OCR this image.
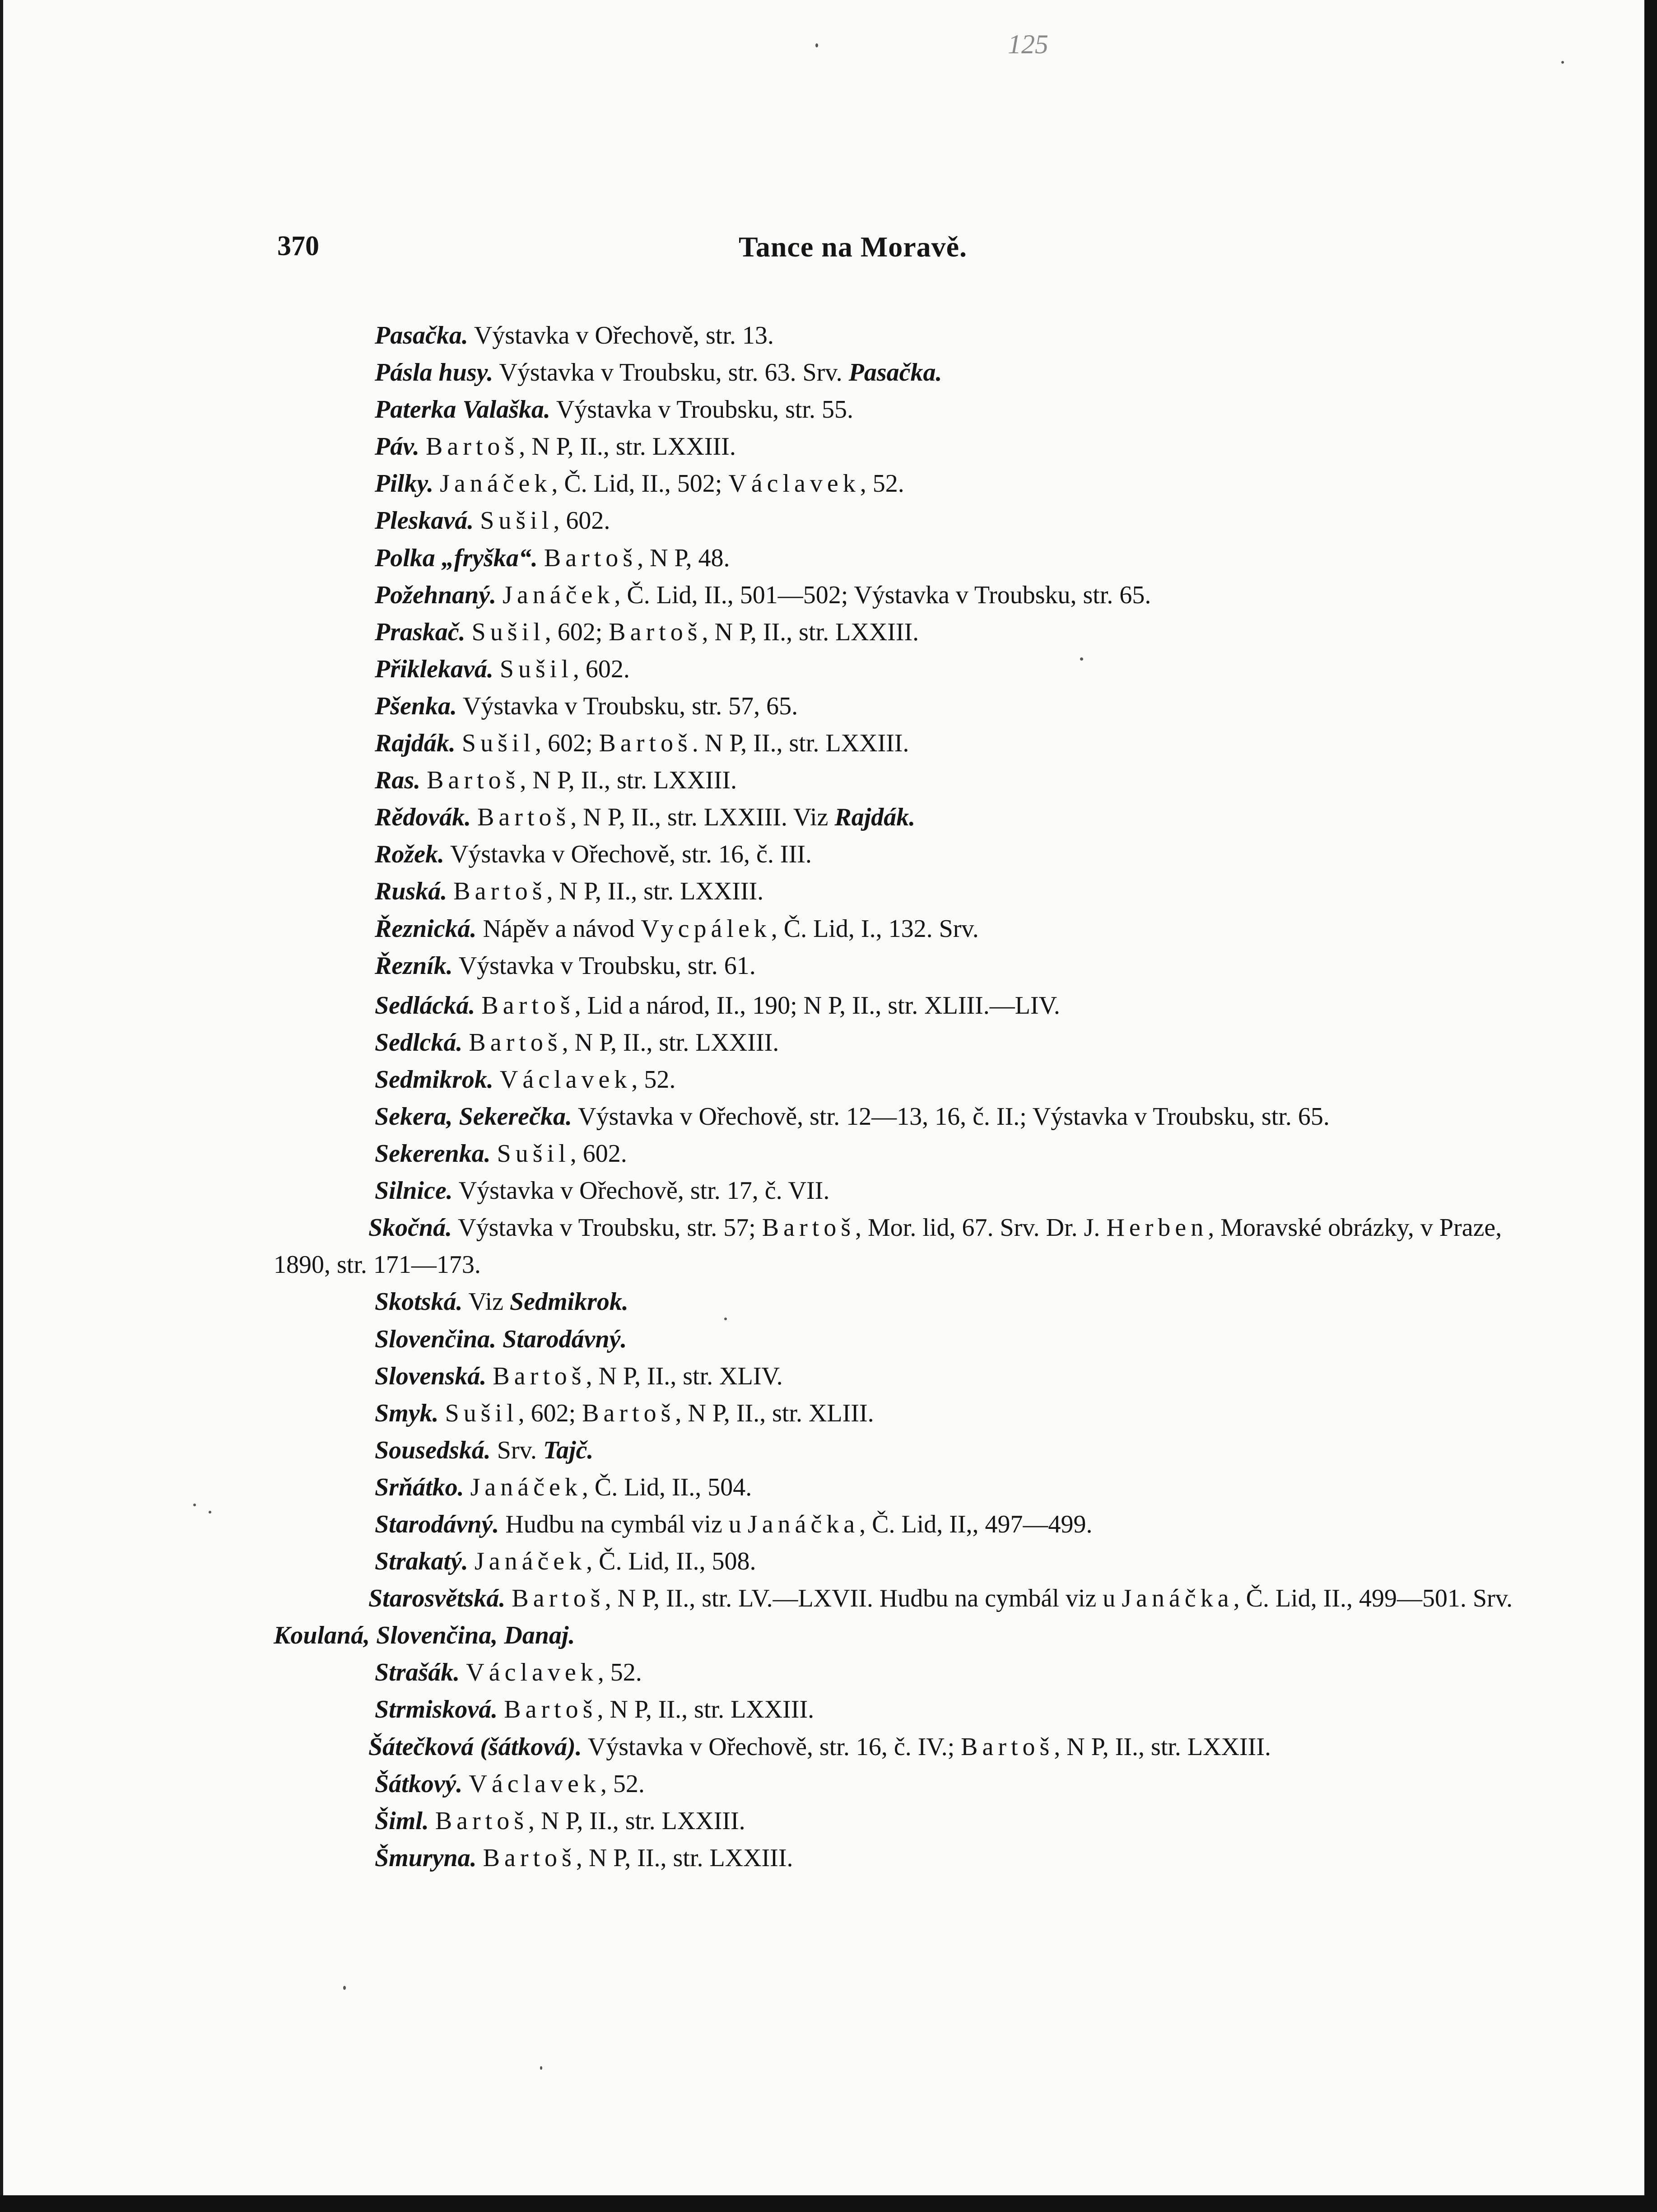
125
370	Tance na Moravě.

Pasačka. Výstavka v Ořechově, str. 13.

Pásla husy. Výstavka v Troubsku, str. 63. Srv. Pasačka.

Paterka Valaška. Výstavka v Troubsku, str. 55.

Páv. Bartoš, N P, II., str. LXXIII.

Pilky. Janáček, Č. Lid, II., 502; Václavek, 52.

Pleskavá. Sušil, 602.

Polka „fryška“. Bartoš, N P, 48.

Požehnaný. Janáček, Č. Lid, II., 501—502; Výstavka v Troubsku, str. 65.

Praskač. Sušil, 602; Bartoš, N P, II., str. LXXIII.

Přiklekavá. Sušil, 602.

Pšenka. Výstavka v Troubsku, str. 57, 65.

Rajdák. Sušil, 602; Bartoš. N P, II., str. LXXIII.

Ras. Bartoš, N P, II., str. LXXIII.

Rědovák. Bartoš, N P, II., str. LXXIII. Viz Rajdák.

Rožek. Výstavka v Ořechově, str. 16, č. III.

Ruská. Bartoš, N P, II., str. LXXIII.

Řeznická. Nápěv a návod Vycpálek, Č. Lid, I., 132. Srv.

Řezník. Výstavka v Troubsku, str. 61.

Sedlácká. Bartoš, Lid a národ, II., 190; N P, II., str. XLIII.—LIV.

Sedlcká. Bartoš, N P, II., str. LXXIII.

Sedmikrok. Václavek, 52.

Sekera, Sekerečka. Výstavka v Ořechově, str. 12—13, 16, č. II.; Výstavka v Troubsku, str. 65.

Sekerenka. Sušil, 602.

Silnice. Výstavka v Ořechově, str. 17, č. VII.

Skočná. Výstavka v Troubsku, str. 57; Bartoš, Mor. lid, 67. Srv. Dr. J. Herben, Moravské obrázky, v Praze, 1890, str. 171—173.

Skotská. Viz Sedmikrok.

Slovenčina. Starodávný.

Slovenská. Bartoš, N P, II., str. XLIV.

Smyk. Sušil, 602; Bartoš, N P, II., str. XLIII.

Sousedská. Srv. Tajč.

Srňátko. Janáček, Č. Lid, II., 504.

Starodávný. Hudbu na cymbál viz u Janáčka, Č. Lid, II,, 497—499.

Strakatý. Janáček, Č. Lid, II., 508.

Starosvětská. Bartoš, N P, II., str. LV.—LXVII. Hudbu na cymbál viz u Janáčka, Č. Lid, II., 499—501. Srv. Koulaná, Slovenčina, Danaj.

Strašák. Václavek, 52.

Strmisková. Bartoš, N P, II., str. LXXIII.

Šátečková (šátková). Výstavka v Ořechově, str. 16, č. IV.; Bartoš, N P, II., str. LXXIII.

Šátkový. Václavek, 52.

Šiml. Bartoš, N P, II., str. LXXIII.

Šmuryna. Bartoš, N P, II., str. LXXIII.
